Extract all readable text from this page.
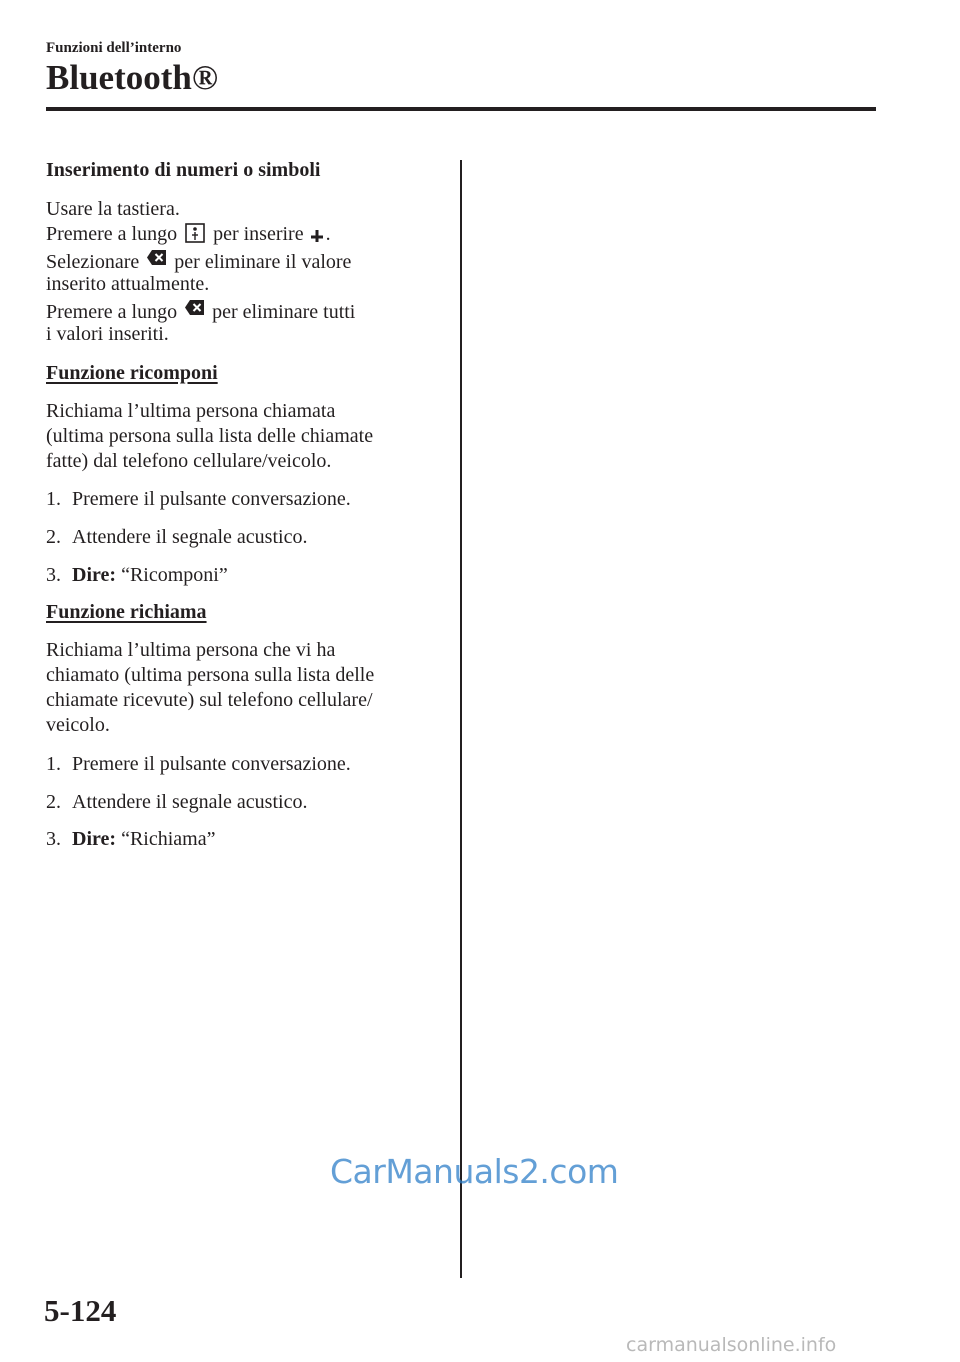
Funzioni dell’interno
Bluetooth®
Inserimento di numeri o simboli
Usare la tastiera.
Premere a lungo per inserire .
Selezionare per eliminare il valore
inserito attualmente.
Premere a lungo per eliminare tutti
i valori inseriti.
Funzione ricomponi
Richiama l’ultima persona chiamata
(ultima persona sulla lista delle chiamate
fatte) dal telefono cellulare/veicolo.
1. Premere il pulsante conversazione.
2. Attendere il segnale acustico.
3. Dire: “Ricomponi”
Funzione richiama
Richiama l’ultima persona che vi ha
chiamato (ultima persona sulla lista delle
chiamate ricevute) sul telefono cellulare/
veicolo.
1. Premere il pulsante conversazione.
2. Attendere il segnale acustico.
3. Dire: “Richiama”
CarManuals2.com
5-124
carmanualsonline.info
